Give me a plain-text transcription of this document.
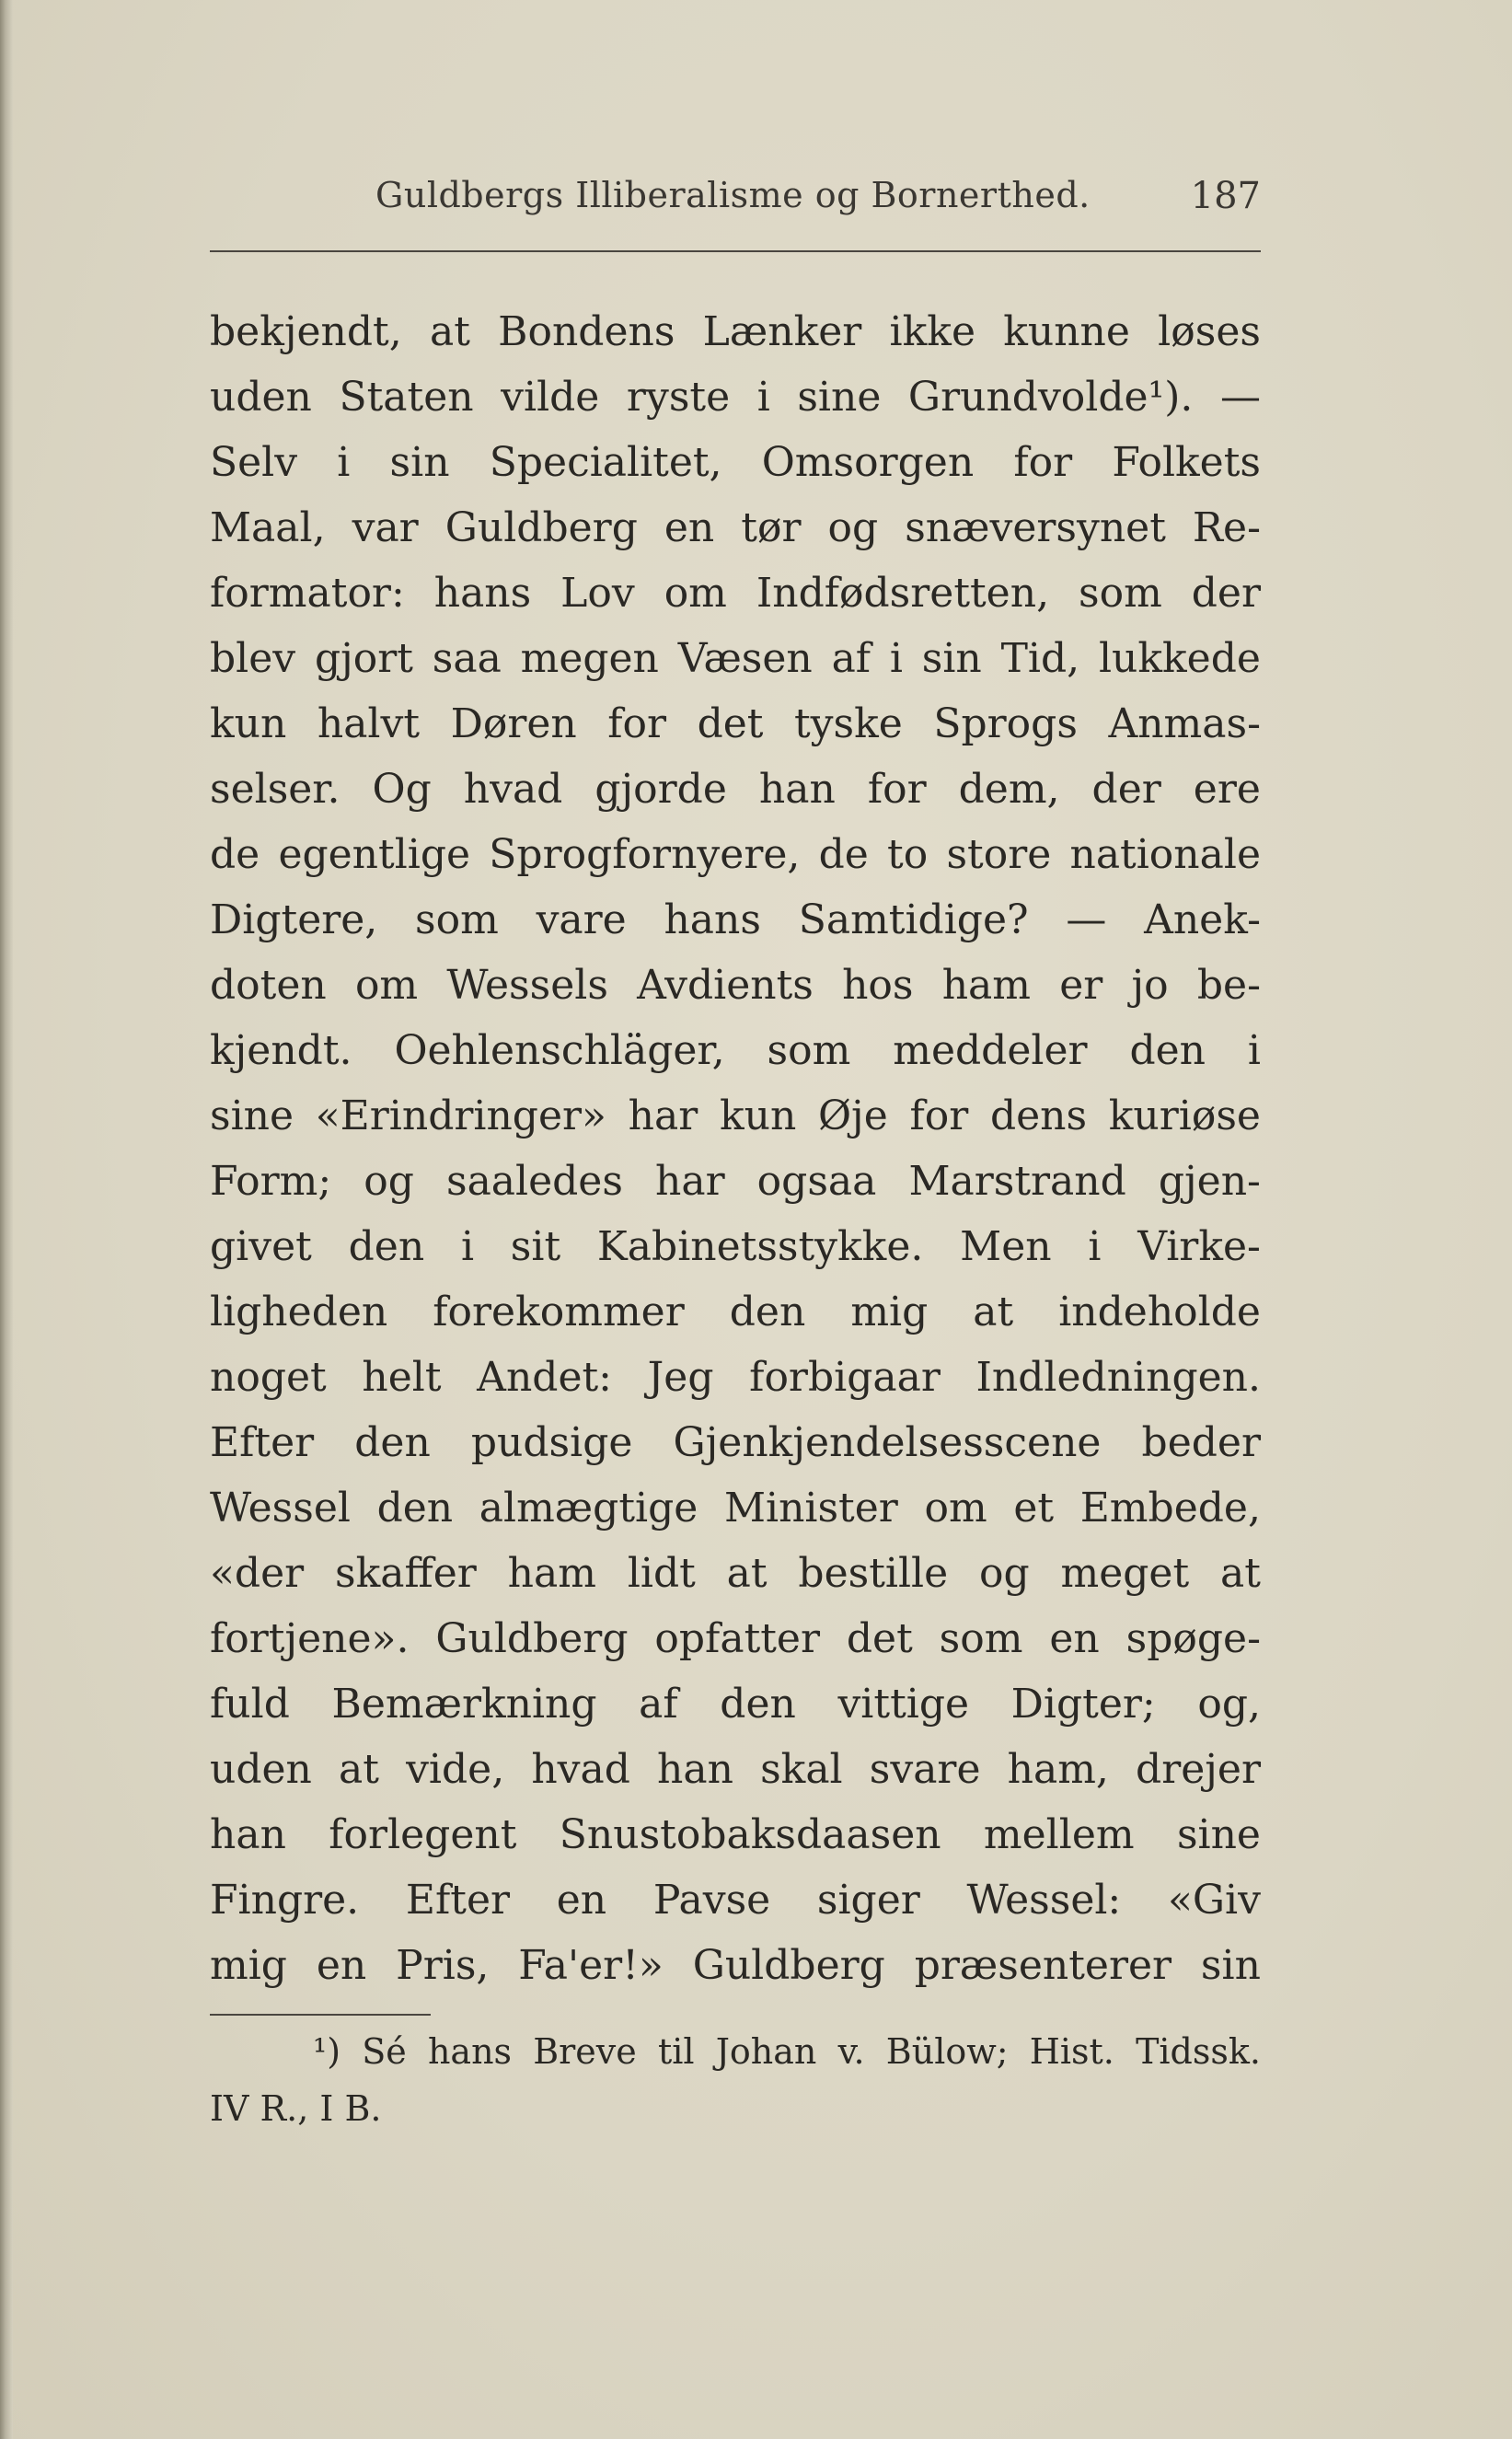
Guldbergs Illiberalisme og Bornerthed.	187
bekjendt, at Bondens Lænker ikke kunne løses
uden Staten vilde ryste i sine Grundvolde¹). —
Selv i sin Specialitet, Omsorgen for Folkets
Maal, var Guldberg en tør og snæversynet Re-
formator: hans Lov om Indfødsretten, som der
blev gjort saa megen Væsen af i sin Tid, lukkede
kun halvt Døren for det tyske Sprogs Anmas-
selser. Og hvad gjorde han for dem, der ere
de egentlige Sprogfornyere, de to store nationale
Digtere, som vare hans Samtidige? — Anek-
doten om Wessels Avdients hos ham er jo be-
kjendt. Oehlenschläger, som meddeler den i
sine «Erindringer» har kun Øje for dens kuriøse
Form; og saaledes har ogsaa Marstrand gjen-
givet den i sit Kabinetsstykke. Men i Virke-
ligheden forekommer den mig at indeholde
noget helt Andet: Jeg forbigaar Indledningen.
Efter den pudsige Gjenkjendelsesscene beder
Wessel den almægtige Minister om et Embede,
«der skaffer ham lidt at bestille og meget at
fortjene». Guldberg opfatter det som en spøge-
fuld Bemærkning af den vittige Digter; og,
uden at vide, hvad han skal svare ham, drejer
han forlegent Snustobaksdaasen mellem sine
Fingre. Efter en Pavse siger Wessel: «Giv
mig en Pris, Fa'er!» Guldberg præsenterer sin
¹) Sé hans Breve til Johan v. Bülow; Hist. Tidssk.
IV R., I B.
